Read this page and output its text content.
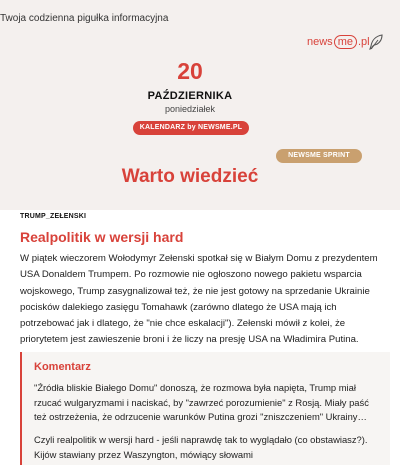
Twoja codzienna pigułka informacyjna
news me .pl
20
PAŹDZIERNIKA
poniedziałek
KALENDARZ by NEWSME.PL
NEWSME SPRINT
Warto wiedzieć
TRUMP_ZEŁENSKI
Realpolitik w wersji hard
W piątek wieczorem Wołodymyr Zełenski spotkał się w Białym Domu z prezydentem USA Donaldem Trumpem. Po rozmowie nie ogłoszono nowego pakietu wsparcia wojskowego, Trump zasygnalizował też, że nie jest gotowy na sprzedanie Ukrainie pocisków dalekiego zasięgu Tomahawk (zarówno dlatego że USA mają ich potrzebować jak i dlatego, że "nie chce eskalacji"). Zełenski mówił z kolei, że priorytetem jest zawieszenie broni i że liczy na presję USA na Władimira Putina.
Komentarz
"Źródła bliskie Białego Domu" donoszą, że rozmowa była napięta, Trump miał rzucać wulgaryzmami i naciskać, by "zawrzeć porozumienie" z Rosją. Miały paść też ostrzeżenia, że odrzucenie warunków Putina grozi "zniszczeniem" Ukrainy…
Czyli realpolitik w wersji hard - jeśli naprawdę tak to wyglądało (co obstawiasz?). Kijów stawiany przez Waszyngton, mówiący słowami
